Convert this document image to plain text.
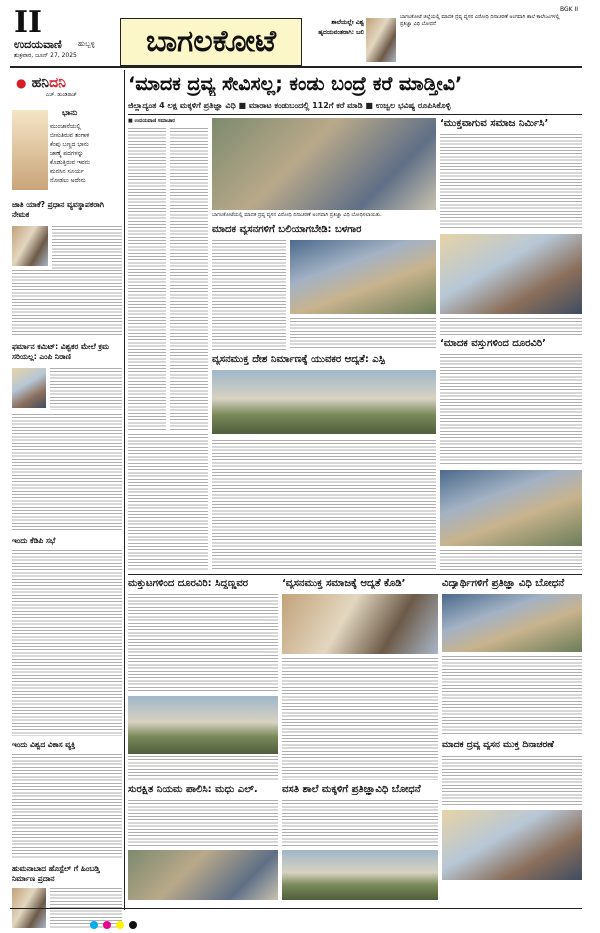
II
ಉದಯವಾಣಿ ಹುಬ್ಬಳ್ಳಿ
ಶುಕ್ರವಾರ, ಜೂನ್ 27, 2025	ಬಾಗಲಕೋಟೆ
ಶಾಲೆಯಲ್ಲೇ ವಿಶ್ವ ಹೃದಯವಂತರಾಗಿ: ಬಲಿ
ಬಾಗಲಕೋಟೆ ಜಿಲ್ಲೆಯಲ್ಲಿ ಮಾದಕ ದ್ರವ್ಯ ವ್ಯಸನ ವಿರೋಧಿ ದಿನಾಚರಣೆ ಅಂಗವಾಗಿ ಶಾಲೆ ಕಾಲೇಜುಗಳಲ್ಲಿ ಪ್ರತಿಜ್ಞಾ ವಿಧಿ ಬೋಧನೆ
BGK II
● ಹನಿದನಿ
ಎಚ್. ಡುಂಡಿರಾಜ್
ಭಾನು
ಮುಂಜಾನೆಯಲ್ಲಿ
ಬೀಸುತಿರುವ ತಂಗಾಳಿ
ಕೆಂಪು ಬಣ್ಣದ ಭಾನು
ಜಾಣ್ಮೆ ಪದಗಳನ್ನು
ಕೊಡುತ್ತಿರುವ ಇವನು
ಮನಸಿನ ಸೂರ್ಯ
ನೋಡಲು ಅದೇನು
ಜಾತಿ ಯಾಕೆ? ಪ್ರಧಾನ ವ್ಯವಸ್ಥಾಪಕರಾಗಿ ನೇಮಕ
ಫರ್ಮಾನ ಕಮಿಟ್: ವಿಶ್ವಕರ ಮೇಲೆ ಕ್ರಮ ಸರಿಯಲ್ಲ: ಎಂಪಿ ನಿರಾಣಿ
ಇಂದು ಕೆಡಿಪಿ ಸಭೆ
ಇಂದು ವಿಶ್ವದ ವಿಕಾಸ ವ್ಯಕ್ತಿ
ಹುಮನಾಬಾದ ಹೊಸ್ಟೆಲ್ ಗೆ ಹಿಂಬಡ್ತಿ ನಿರ್ಮಾಣ ಪ್ರದಾನ
‘ಮಾದಕ ದ್ರವ್ಯ ಸೇವಿಸಲ್ಲ; ಕಂಡು ಬಂದ್ರೆ ಕರೆ ಮಾಡ್ತೀವಿ’
ಜಿಲ್ಲಾದ್ಯಂತ 4 ಲಕ್ಷ ಮಕ್ಕಳಿಗೆ ಪ್ರತಿಜ್ಞಾ ವಿಧಿ ■ ಮಾರಾಟ ಕಂಡುಬಂದಲ್ಲಿ 112ಗೆ ಕರೆ ಮಾಡಿ ■ ಉಜ್ವಲ ಭವಿಷ್ಯ ರೂಪಿಸಿಕೊಳ್ಳಿ
■ ಉದಯವಾಣಿ ಸಮಾಚಾರ
ಬಾಗಲಕೋಟೆಯಲ್ಲಿ ಮಾದಕ ದ್ರವ್ಯ ವ್ಯಸನ ವಿರೋಧಿ ದಿನಾಚರಣೆ ಅಂಗವಾಗಿ ಪ್ರತಿಜ್ಞಾ ವಿಧಿ ಬೋಧಿಸಲಾಯಿತು.
ಮಾದಕ ವ್ಯಸನಗಳಿಗೆ ಬಲಿಯಾಗಬೇಡಿ: ಬಳಗಾರ
ವ್ಯಸನಮುಕ್ತ ದೇಶ ನಿರ್ಮಾಣಕ್ಕೆ ಯುವಕರ ಆದ್ಯತೆ: ಎಸ್ಪಿ
‘ಮುಕ್ತವಾಗುವ ಸಮಾಜ ನಿರ್ಮಿಸಿ’
‘ಮಾದಕ ವಸ್ತುಗಳಿಂದ ದೂರವಿರಿ’
ಮಕ್ತುಟಗಳಿಂದ ದೂರವಿರಿ: ಸಿದ್ದಣ್ಣವರ	‘ವ್ಯಸನಮುಕ್ತ ಸಮಾಜಕ್ಕೆ ಆದ್ಯತೆ ಕೊಡಿ’	ವಿದ್ಯಾರ್ಥಿಗಳಿಗೆ ಪ್ರತಿಜ್ಞಾ ವಿಧಿ ಬೋಧನೆ
ಮಾದಕ ದ್ರವ್ಯ ವ್ಯಸನ ಮುಕ್ತ ದಿನಾಚರಣೆ
ಸುರಕ್ಷಿತ ನಿಯಮ ಪಾಲಿಸಿ: ಮಧು ಎಲ್.	ವಸತಿ ಶಾಲೆ ಮಕ್ಕಳಿಗೆ ಪ್ರತಿಜ್ಞಾವಿಧಿ ಬೋಧನೆ
